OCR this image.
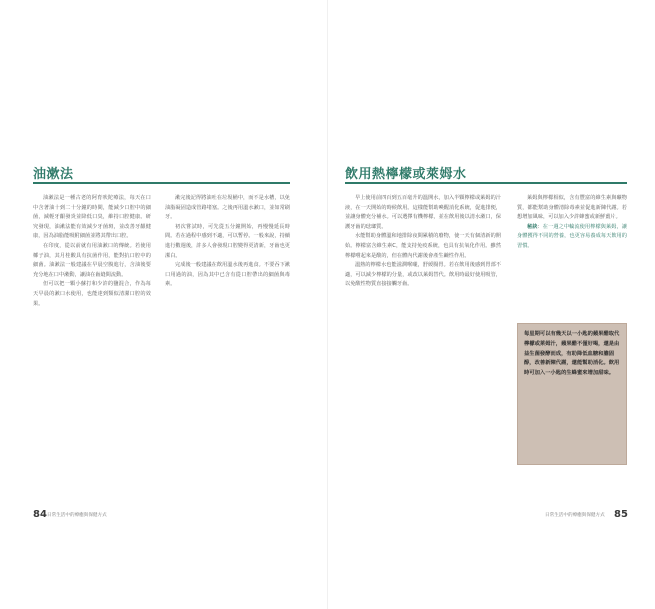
油漱法

油漱法是一種古老的阿育吠陀療法，每天在口中含著油十到二十分鐘的時間，能減少口腔中的細菌，減輕牙齦發炎並降低口臭，維持口腔健康。研究發現，油漱法能有效減少牙菌斑，並改善牙齦健康，因為油脂能吸附細菌並將其帶出口腔。

在印度，從以前就有用油漱口的傳統。若使用椰子油，其月桂酸具有抗菌作用，能對抗口腔中的細菌。油漱法一般建議在早晨空腹進行，含油後要充分地在口中漱動，讓油在齒縫間流動。

但可以把一顆小蘇打和少許的鹽混合，作為每天早晨的漱口水使用，也能達到類似清潔口腔的效果。

漱完後記得將油吐在垃圾桶中，而不是水槽，以免油脂凝固造成管路堵塞。之後再用溫水漱口，並如常刷牙。

初次嘗試時，可先從五分鐘開始，再慢慢延長時間。若在過程中感到不適，可以暫停。一般來說，持續進行數週後，許多人會發現口腔變得更清新，牙齒也更潔白。

完成後一般建議在飲用溫水後再進食。不要吞下漱口用過的油，因為其中已含有從口腔帶出的細菌與毒素。

84 日常生活中的療癒與保健方式
飲用熱檸檬或萊姆水

早上使用前四百到五百毫升的溫開水，加入半顆檸檬或萊姆的汁液，在一天開始的時候飲用。這樣能幫助喚醒消化系統，促進排便，並讓身體充分補水。可以選擇有機檸檬，並在飲用後以清水漱口，保護牙齒的琺瑯質。

水能幫助身體溫和地排除夜間累積的廢物，使一天有個清新的開始。檸檬富含維生素C，能支持免疫系統，也具有抗氧化作用。雖然檸檬嚐起來是酸的，但在體內代謝後會產生鹼性作用。

溫熱的檸檬水也能滋潤喉嚨，舒緩腸胃。若在飲用後感到胃部不適，可以減少檸檬的分量，或改以萊姆替代。飲用時最好使用吸管，以免酸性物質直接接觸牙齒。

萊姆與檸檬相似，含有豐富的維生素與礦物質，都能幫助身體清除毒素並促進新陳代謝。若想增加風味，可以加入少許蜂蜜或新鮮薑片。

秘訣：在一週之中輪流使用檸檬與萊姆，讓身體獲得不同的營養，也更容易養成每天飲用的習慣。

每星期可以有幾天以一小匙的蘋果醋取代檸檬或萊姆汁，蘋果醋不僅好喝，還是由益生菌發酵而成，有助降低血糖和膽固醇，改善新陳代謝，還能幫助消化。飲用時可加入一小匙的生蜂蜜來增加甜味。
日常生活中的療癒與保健方式 85
